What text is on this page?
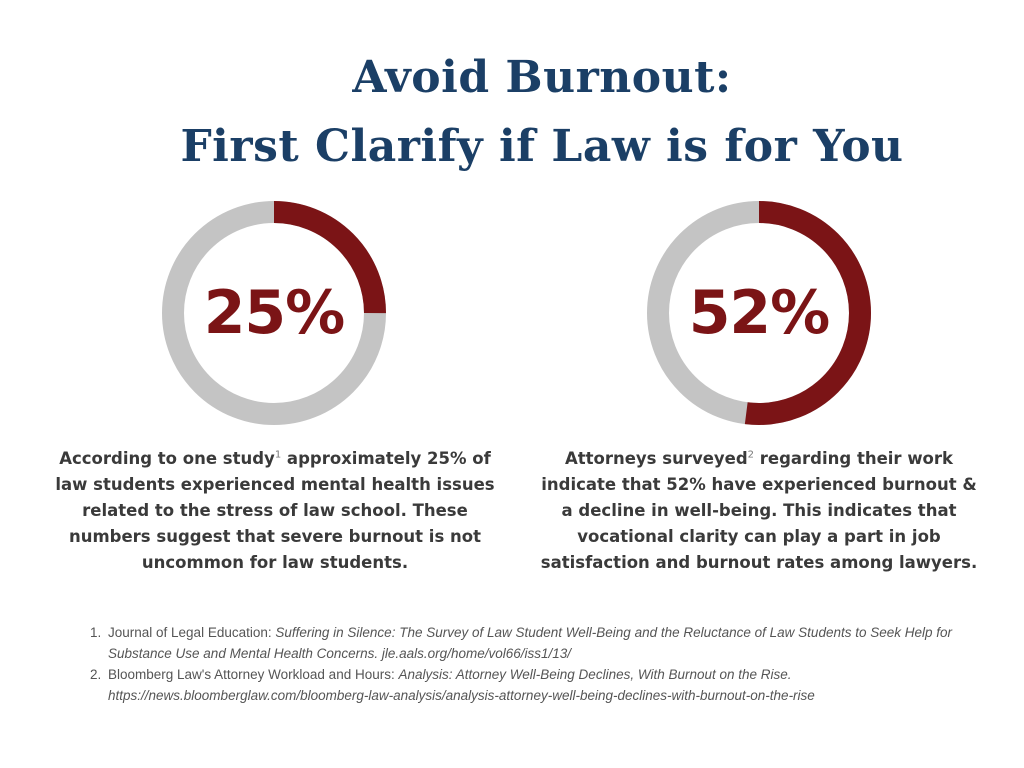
Avoid Burnout:
First Clarify if Law is for You
25%	52%
According to one study$^1$ approximately 25% of law students experienced mental health issues related to the stress of law school. These numbers suggest that severe burnout is not uncommon for law students.
Attorneys surveyed$^2$ regarding their work indicate that 52% have experienced burnout & a decline in well-being. This indicates that vocational clarity can play a part in job satisfaction and burnout rates among lawyers.
1. Journal of Legal Education: Suffering in Silence: The Survey of Law Student Well-Being and the Reluctance of Law Students to Seek Help for Substance Use and Mental Health Concerns. jle.aals.org/home/vol66/iss1/13/
2. Bloomberg Law's Attorney Workload and Hours: Analysis: Attorney Well-Being Declines, With Burnout on the Rise. https://news.bloomberglaw.com/bloomberg-law-analysis/analysis-attorney-well-being-declines-with-burnout-on-the-rise
